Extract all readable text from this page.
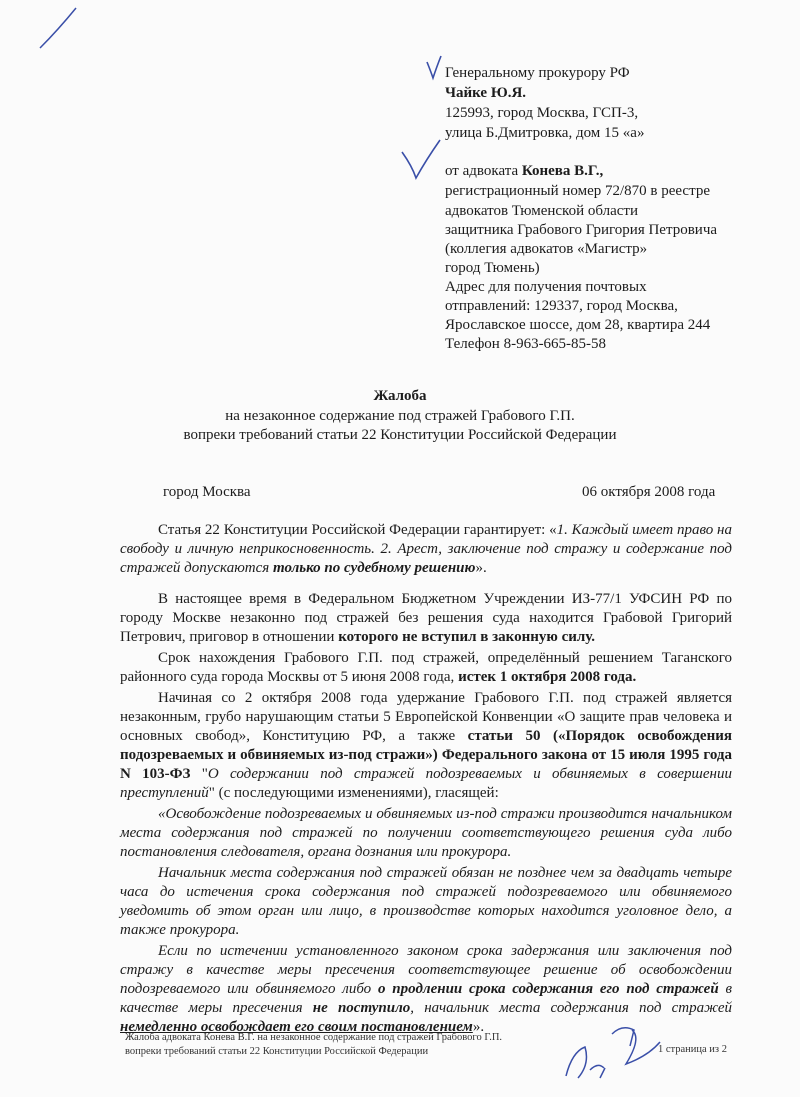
Генеральному прокурору РФ
Чайке Ю.Я.
125993, город Москва, ГСП-3,
улица Б.Дмитровка, дом 15 «а»
от адвоката Конева В.Г.,
регистрационный номер 72/870 в реестре
адвокатов Тюменской области
защитника Грабового Григория Петровича
(коллегия адвокатов «Магистр»
город Тюмень)
Адрес для получения почтовых
отправлений: 129337, город Москва,
Ярославское шоссе, дом 28, квартира 244
Телефон 8-963-665-85-58
Жалоба
на незаконное содержание под стражей Грабового Г.П.
вопреки требований статьи 22 Конституции Российской Федерации
город Москва	06 октября 2008 года

Статья 22 Конституции Российской Федерации гарантирует: «1. Каждый имеет право на свободу и личную неприкосновенность. 2. Арест, заключение под стражу и содержание под стражей допускаются только по судебному решению».

В настоящее время в Федеральном Бюджетном Учреждении ИЗ-77/1 УФСИН РФ по городу Москве незаконно под стражей без решения суда находится Грабовой Григорий Петрович, приговор в отношении которого не вступил в законную силу.

Срок нахождения Грабового Г.П. под стражей, определённый решением Таганского районного суда города Москвы от 5 июня 2008 года, истек 1 октября 2008 года.

Начиная со 2 октября 2008 года удержание Грабового Г.П. под стражей является незаконным, грубо нарушающим статьи 5 Европейской Конвенции «О защите прав человека и основных свобод», Конституцию РФ, а также статьи 50 («Порядок освобождения подозреваемых и обвиняемых из-под стражи») Федерального закона от 15 июля 1995 года N 103-ФЗ "О содержании под стражей подозреваемых и обвиняемых в совершении преступлений" (с последующими изменениями), гласящей:

«Освобождение подозреваемых и обвиняемых из-под стражи производится начальником места содержания под стражей по получении соответствующего решения суда либо постановления следователя, органа дознания или прокурора.

Начальник места содержания под стражей обязан не позднее чем за двадцать четыре часа до истечения срока содержания под стражей подозреваемого или обвиняемого уведомить об этом орган или лицо, в производстве которых находится уголовное дело, а также прокурора.

Если по истечении установленного законом срока задержания или заключения под стражу в качестве меры пресечения соответствующее решение об освобождении подозреваемого или обвиняемого либо о продлении срока содержания его под стражей в качестве меры пресечения не поступило, начальник места содержания под стражей немедленно освобождает его своим постановлением».

Жалоба адвоката Конева В.Г. на незаконное содержание под стражей Грабового Г.П.
вопреки требований статьи 22 Конституции Российской Федерации	1 страница из 2
